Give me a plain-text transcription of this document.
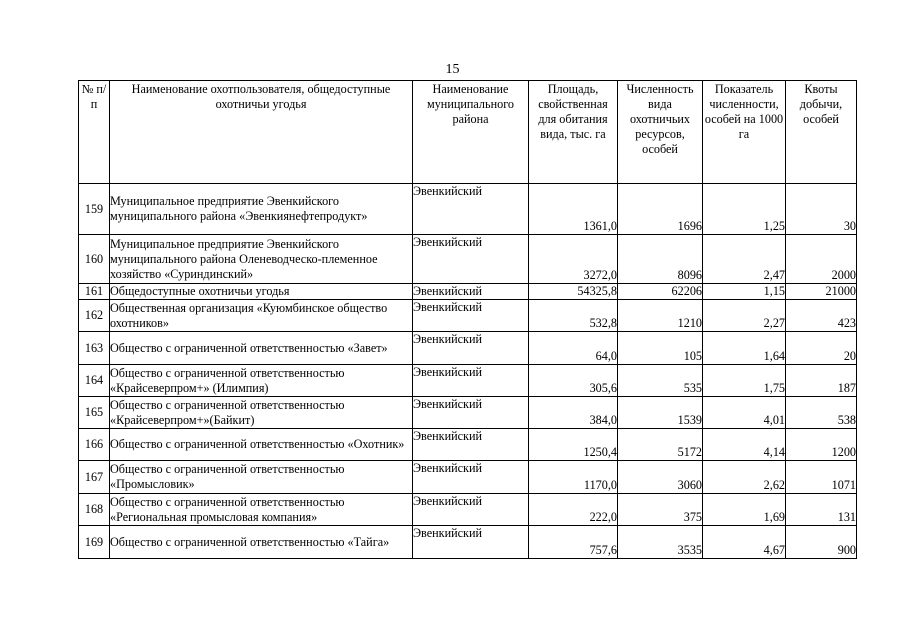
15
№ п/п	Наименование охотпользователя, общедоступные охотничьи угодья	Наименование муниципального района	Площадь, свойственная для обитания вида, тыс. га	Численность вида охотничьих ресурсов, особей	Показатель численности, особей на 1000 га	Квоты добычи, особей
159	Муниципальное предприятие Эвенкийского муниципального района «Эвенкиянефтепродукт»	Эвенкийский	1361,0	1696	1,25	30
160	Муниципальное предприятие Эвенкийского муниципального района Оленеводческо-племенное хозяйство «Суриндинский»	Эвенкийский	3272,0	8096	2,47	2000
161	Общедоступные охотничьи угодья	Эвенкийский	54325,8	62206	1,15	21000
162	Общественная организация «Куюмбинское общество охотников»	Эвенкийский	532,8	1210	2,27	423
163	Общество с ограниченной ответственностью «Завет»	Эвенкийский	64,0	105	1,64	20
164	Общество с ограниченной ответственностью «Крайсеверпром+» (Илимпия)	Эвенкийский	305,6	535	1,75	187
165	Общество с ограниченной ответственностью «Крайсеверпром+»(Байкит)	Эвенкийский	384,0	1539	4,01	538
166	Общество с ограниченной ответственностью «Охотник»	Эвенкийский	1250,4	5172	4,14	1200
167	Общество с ограниченной ответственностью «Промысловик»	Эвенкийский	1170,0	3060	2,62	1071
168	Общество с ограниченной ответственностью «Региональная промысловая компания»	Эвенкийский	222,0	375	1,69	131
169	Общество с ограниченной ответственностью «Тайга»	Эвенкийский	757,6	3535	4,67	900
